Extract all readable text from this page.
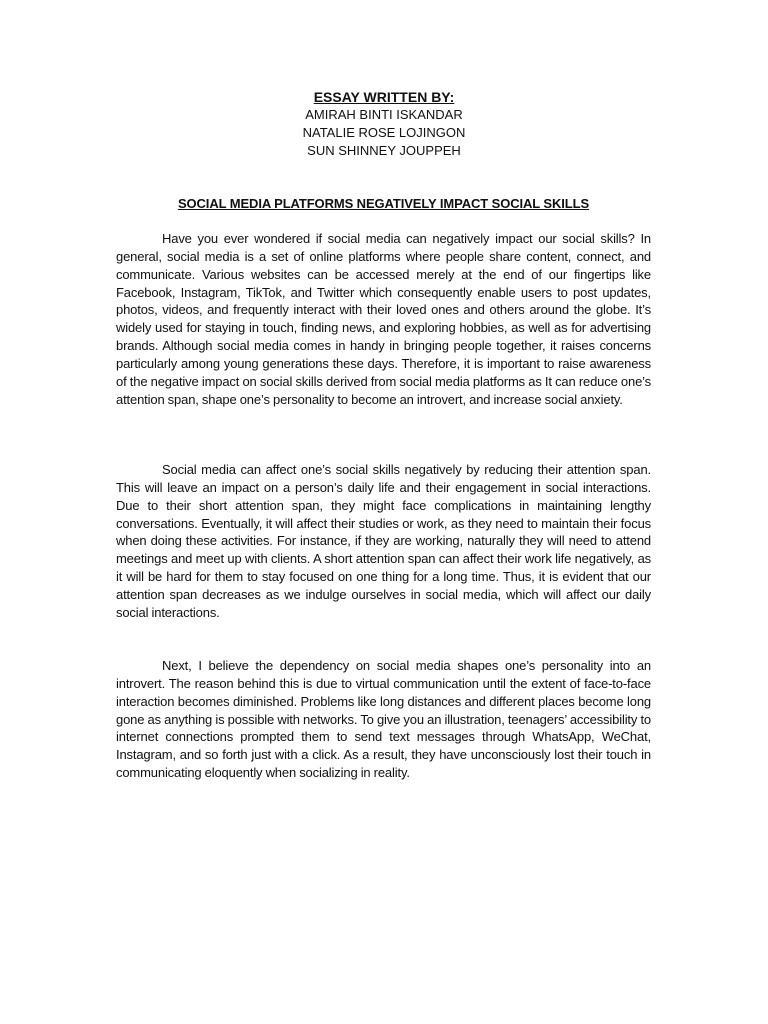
ESSAY WRITTEN BY:
AMIRAH BINTI ISKANDAR
NATALIE ROSE LOJINGON
SUN SHINNEY JOUPPEH
SOCIAL MEDIA PLATFORMS NEGATIVELY IMPACT SOCIAL SKILLS

Have you ever wondered if social media can negatively impact our social skills? In general, social media is a set of online platforms where people share content, connect, and communicate. Various websites can be accessed merely at the end of our fingertips like Facebook, Instagram, TikTok, and Twitter which consequently enable users to post updates, photos, videos, and frequently interact with their loved ones and others around the globe. It’s widely used for staying in touch, finding news, and exploring hobbies, as well as for advertising brands. Although social media comes in handy in bringing people together, it raises concerns particularly among young generations these days. Therefore, it is important to raise awareness of the negative impact on social skills derived from social media platforms as It can reduce one’s attention span, shape one’s personality to become an introvert, and increase social anxiety.

Social media can affect one’s social skills negatively by reducing their attention span. This will leave an impact on a person’s daily life and their engagement in social interactions. Due to their short attention span, they might face complications in maintaining lengthy conversations. Eventually, it will affect their studies or work, as they need to maintain their focus when doing these activities. For instance, if they are working, naturally they will need to attend meetings and meet up with clients. A short attention span can affect their work life negatively, as it will be hard for them to stay focused on one thing for a long time. Thus, it is evident that our attention span decreases as we indulge ourselves in social media, which will affect our daily social interactions.

Next, I believe the dependency on social media shapes one’s personality into an introvert. The reason behind this is due to virtual communication until the extent of face-to-face interaction becomes diminished. Problems like long distances and different places become long gone as anything is possible with networks. To give you an illustration, teenagers’ accessibility to internet connections prompted them to send text messages through WhatsApp, WeChat, Instagram, and so forth just with a click. As a result, they have unconsciously lost their touch in communicating eloquently when socializing in reality.
